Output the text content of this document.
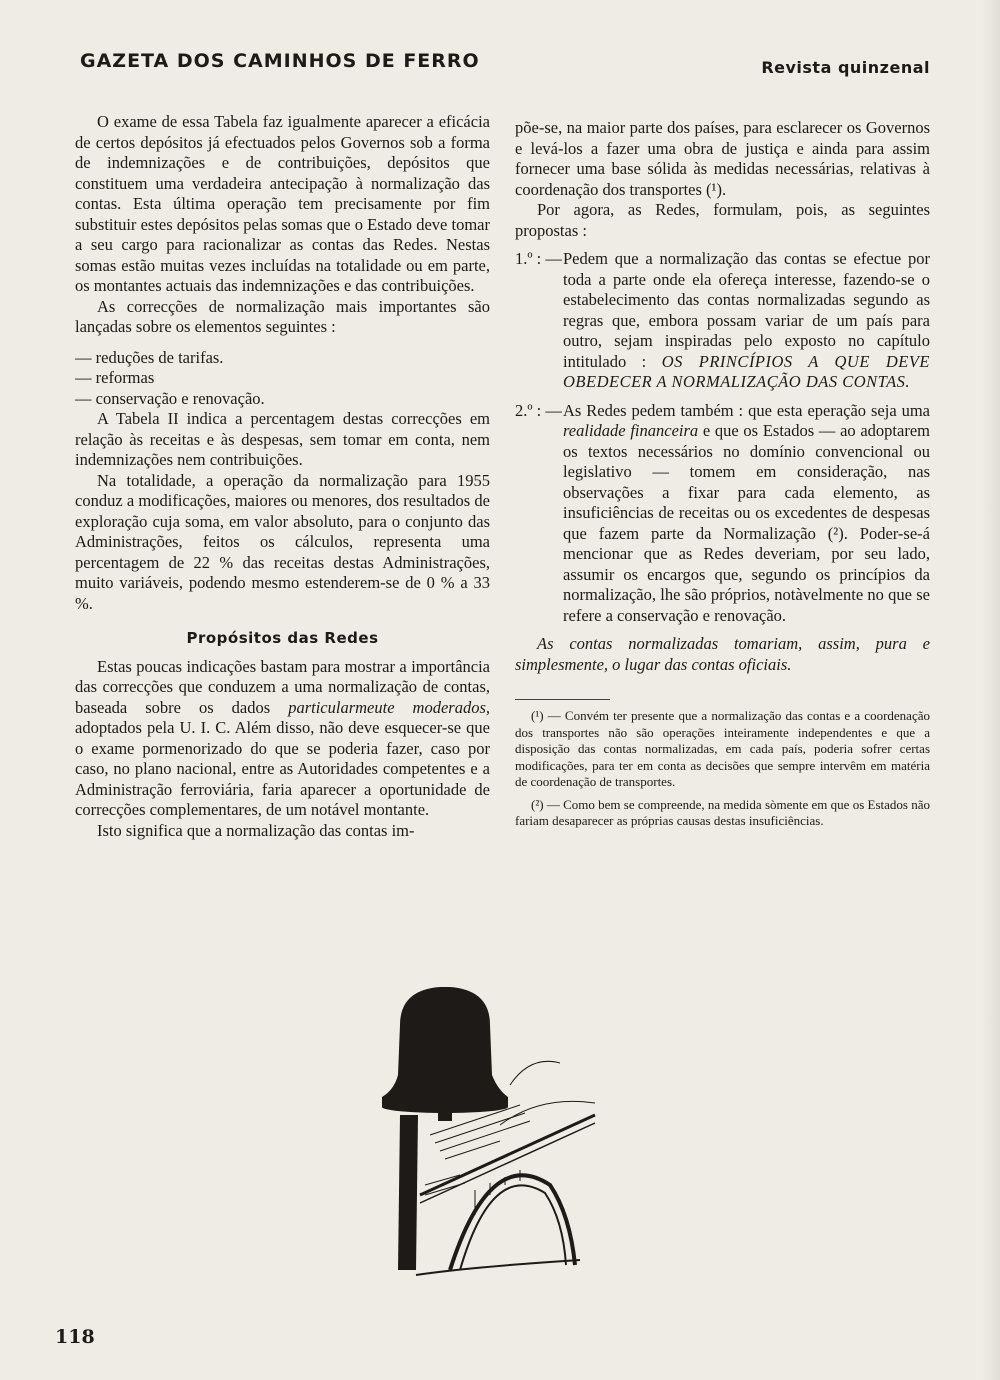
GAZETA DOS CAMINHOS DE FERRO	Revista quinzenal

O exame de essa Tabela faz igualmente aparecer a eficácia de certos depósitos já efectuados pelos Governos sob a forma de indemnizações e de contribuições, depósitos que constituem uma verdadeira antecipação à normalização das contas. Esta última operação tem precisamente por fim substituir estes depósitos pelas somas que o Estado deve tomar a seu cargo para racionalizar as contas das Redes. Nestas somas estão muitas vezes incluídas na totalidade ou em parte, os montantes actuais das indemnizações e das contribuições.

As correcções de normalização mais importantes são lançadas sobre os elementos seguintes :

— reduções de tarifas.
— reformas
— conservação e renovação.

A Tabela II indica a percentagem destas correcções em relação às receitas e às despesas, sem tomar em conta, nem indemnizações nem contribuições.

Na totalidade, a operação da normalização para 1955 conduz a modificações, maiores ou menores, dos resultados de exploração cuja soma, em valor absoluto, para o conjunto das Administrações, feitos os cálculos, representa uma percentagem de 22 % das receitas destas Administrações, muito variáveis, podendo mesmo estenderem-se de 0 % a 33 %.

Propósitos das Redes

Estas poucas indicações bastam para mostrar a importância das correcções que conduzem a uma normalização de contas, baseada sobre os dados particularmeute moderados, adoptados pela U. I. C. Além disso, não deve esquecer-se que o exame pormenorizado do que se poderia fazer, caso por caso, no plano nacional, entre as Autoridades competentes e a Administração ferroviária, faria aparecer a oportunidade de correcções complementares, de um notável montante.

Isto significa que a normalização das contas im-

põe-se, na maior parte dos países, para esclarecer os Governos e levá-los a fazer uma obra de justiça e ainda para assim fornecer uma base sólida às medidas necessárias, relativas à coordenação dos transportes (¹).

Por agora, as Redes, formulam, pois, as seguintes propostas :

1.º : — Pedem que a normalização das contas se efectue por toda a parte onde ela ofereça interesse, fazendo-se o estabelecimento das contas normalizadas segundo as regras que, embora possam variar de um país para outro, sejam inspiradas pelo exposto no capítulo intitulado : OS PRINCÍPIOS A QUE DEVE OBEDECER A NORMALIZAÇÃO DAS CONTAS.
2.º : — As Redes pedem também : que esta eperação seja uma realidade financeira e que os Estados — ao adoptarem os textos necessários no domínio convencional ou legislativo — tomem em consideração, nas observações a fixar para cada elemento, as insuficiências de receitas ou os excedentes de despesas que fazem parte da Normalização (²). Poder-se-á mencionar que as Redes deveriam, por seu lado, assumir os encargos que, segundo os princípios da normalização, lhe são próprios, notàvelmente no que se refere a conservação e renovação.

As contas normalizadas tomariam, assim, pura e simplesmente, o lugar das contas oficiais.

(¹) — Convém ter presente que a normalização das contas e a coordenação dos transportes não são operações inteiramente independentes e que a disposição das contas normalizadas, em cada país, poderia sofrer certas modificações, para ter em conta as decisões que sempre intervêm em matéria de coordenação de transportes.

(²) — Como bem se compreende, na medida sòmente em que os Estados não fariam desaparecer as próprias causas destas insuficiências.

118
